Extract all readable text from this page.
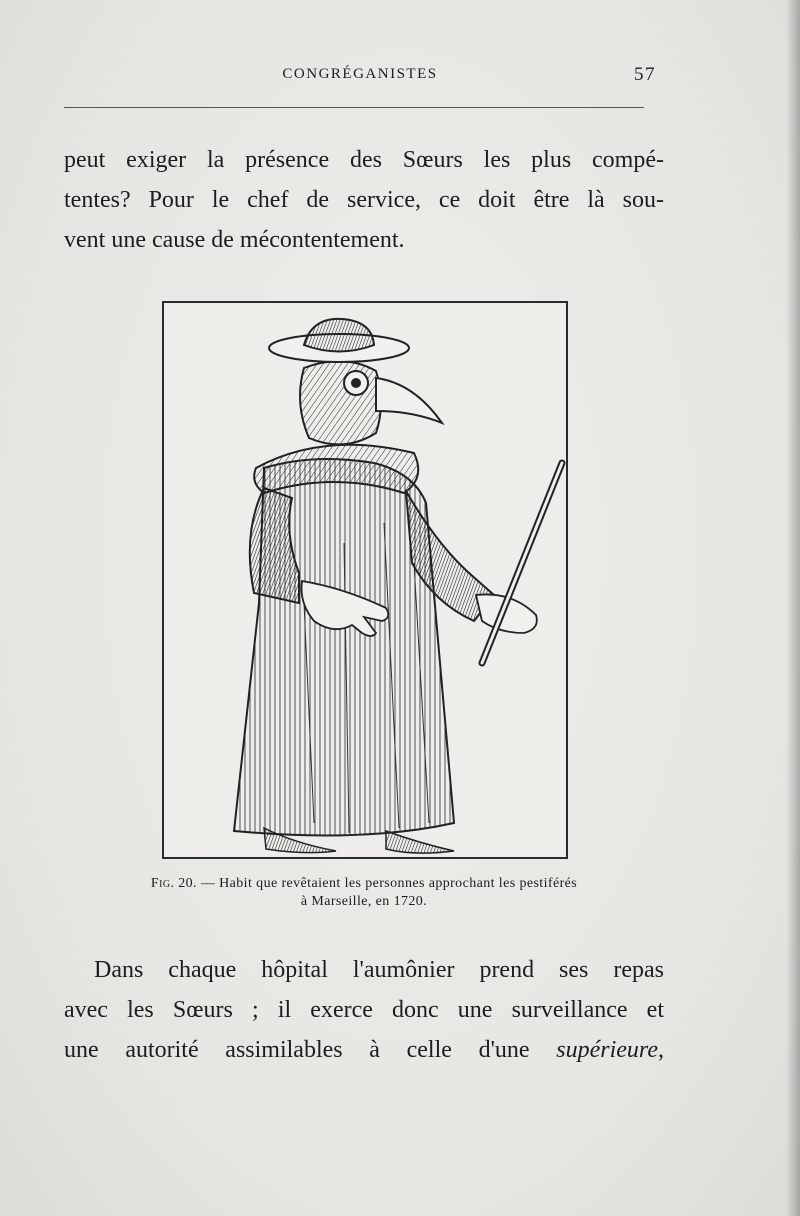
CONGRÉGANISTES	57

peut exiger la présence des Sœurs les plus compé-
tentes? Pour le chef de service, ce doit être là sou-
vent une cause de mécontentement.

Fig. 20. — Habit que revêtaient les personnes approchant les pestiférés
à Marseille, en 1720.

Dans chaque hôpital l'aumônier prend ses repas
avec les Sœurs ; il exerce donc une surveillance et
une autorité assimilables à celle d'une supérieure,
